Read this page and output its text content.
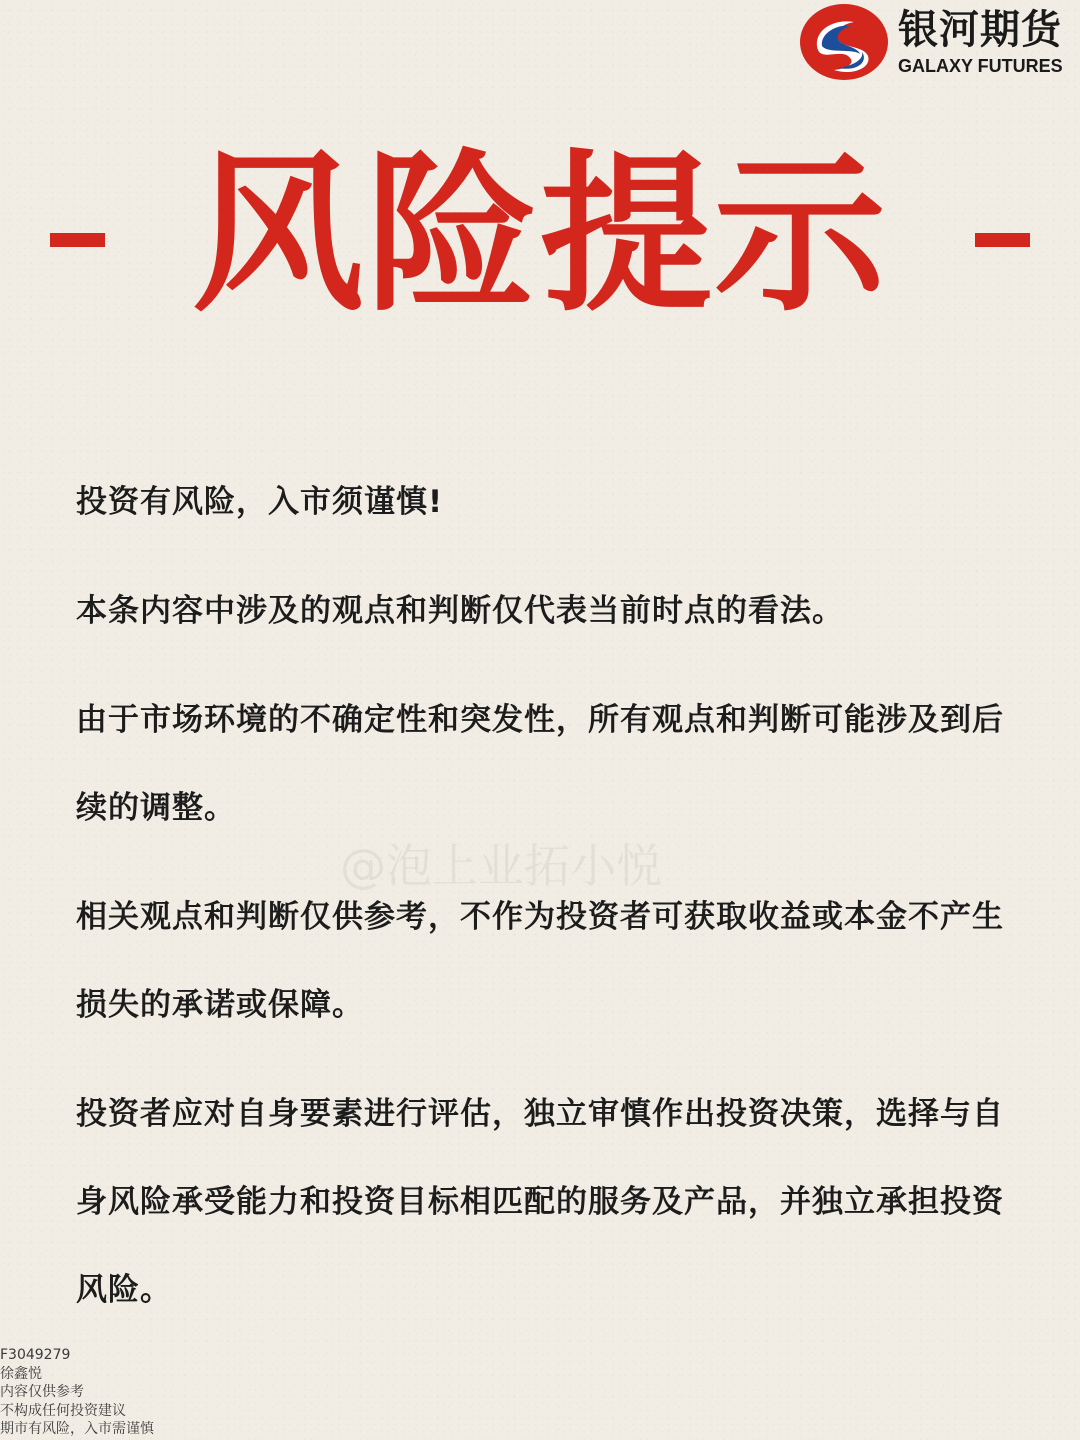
银河期货
GALAXY FUTURES
风险提示
@泡上业拓小悦

投资有风险，入市须谨慎!

本条内容中涉及的观点和判断仅代表当前时点的看法。

由于市场环境的不确定性和突发性，所有观点和判断可能涉及到后续的调整。

相关观点和判断仅供参考，不作为投资者可获取收益或本金不产生损失的承诺或保障。

投资者应对自身要素进行评估，独立审慎作出投资决策，选择与自身风险承受能力和投资目标相匹配的服务及产品，并独立承担投资风险。

F3049279
徐鑫悦
内容仅供参考
不构成任何投资建议
期市有风险，入市需谨慎
